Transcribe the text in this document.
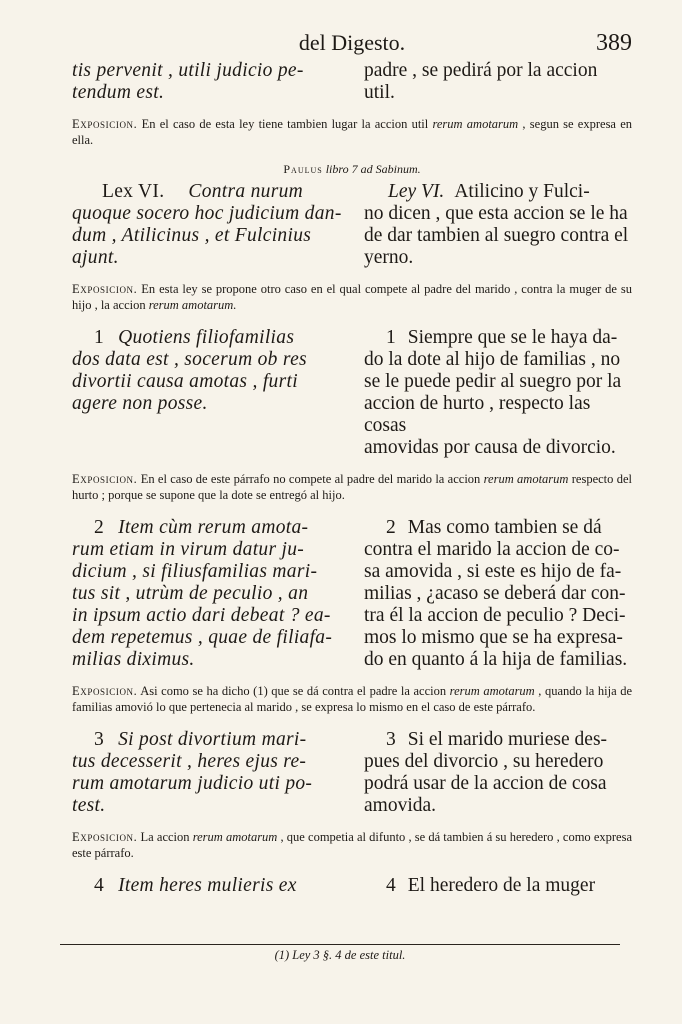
del Digesto.	389

tis pervenit , utili judicio pe-

tendum est.

padre , se pedirá por la accion

util.

Exposicion. En el caso de esta ley tiene tambien lugar la accion util rerum amotarum , segun se expresa en ella.
Paulus libro 7 ad Sabinum.

Lex VI. Contra nurum

quoque socero hoc judicium dan-

dum , Atilicinus , et Fulcinius

ajunt.

Ley VI. Atilicino y Fulci-

no dicen , que esta accion se le ha

de dar tambien al suegro contra el

yerno.

Exposicion. En esta ley se propone otro caso en el qual compete al padre del marido , contra la muger de su hijo , la accion rerum amotarum.

1 Quotiens filiofamilias

dos data est , socerum ob res

divortii causa amotas , furti

agere non posse.

1 Siempre que se le haya da-

do la dote al hijo de familias , no

se le puede pedir al suegro por la

accion de hurto , respecto las cosas

amovidas por causa de divorcio.

Exposicion. En el caso de este párrafo no compete al padre del marido la accion rerum amotarum respecto del hurto ; porque se supone que la dote se entregó al hijo.

2 Item cùm rerum amota-

rum etiam in virum datur ju-

dicium , si filiusfamilias mari-

tus sit , utrùm de peculio , an

in ipsum actio dari debeat ? ea-

dem repetemus , quae de filiafa-

milias diximus.

2 Mas como tambien se dá

contra el marido la accion de co-

sa amovida , si este es hijo de fa-

milias , ¿acaso se deberá dar con-

tra él la accion de peculio ? Deci-

mos lo mismo que se ha expresa-

do en quanto á la hija de familias.

Exposicion. Asi como se ha dicho (1) que se dá contra el padre la accion rerum amotarum , quando la hija de familias amovió lo que pertenecia al marido , se expresa lo mismo en el caso de este párrafo.

3 Si post divortium mari-

tus decesserit , heres ejus re-

rum amotarum judicio uti po-

test.

3 Si el marido muriese des-

pues del divorcio , su heredero

podrá usar de la accion de cosa

amovida.

Exposicion. La accion rerum amotarum , que competia al difunto , se dá tambien á su heredero , como expresa este párrafo.

4 Item heres mulieris ex	4 El heredero de la muger

(1) Ley 3 §. 4 de este titul.
